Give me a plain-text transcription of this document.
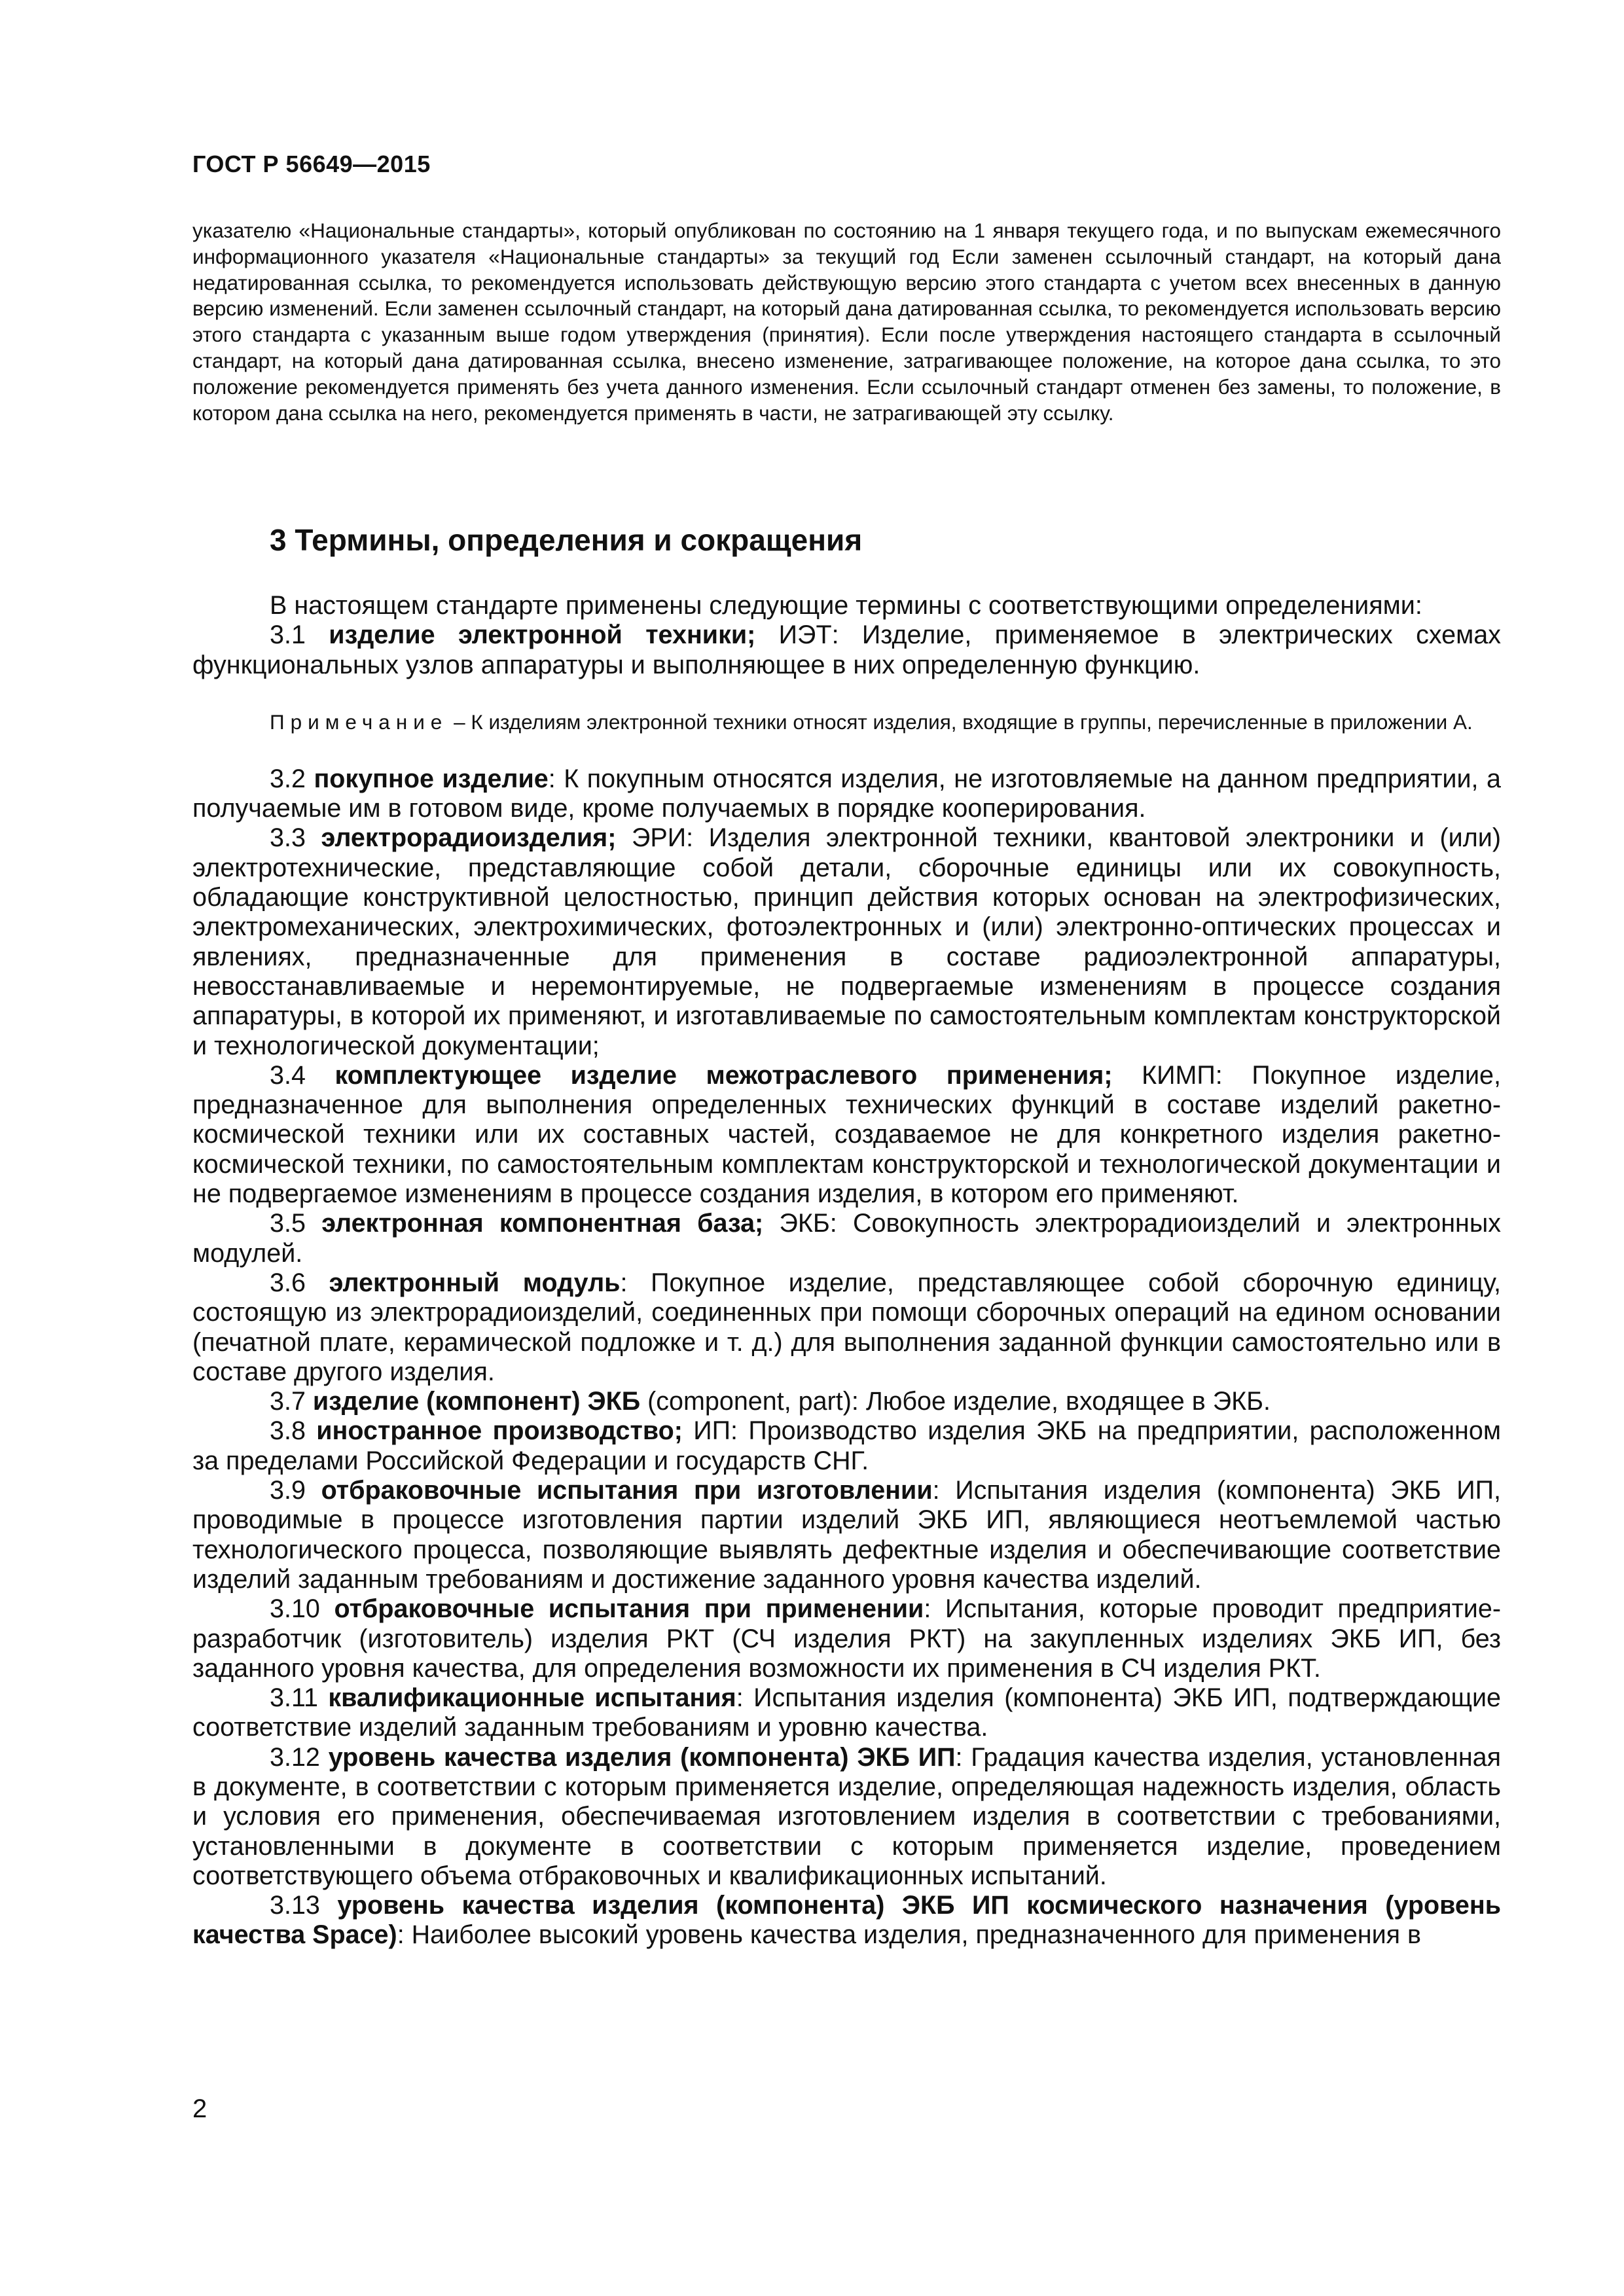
ГОСТ Р 56649—2015
указателю «Национальные стандарты», который опубликован по состоянию на 1 января текущего года, и по выпускам ежемесячного информационного указателя «Национальные стандарты» за текущий год Если заменен ссылочный стандарт, на который дана недатированная ссылка, то рекомендуется использовать действующую версию этого стандарта с учетом всех внесенных в данную версию изменений. Если заменен ссылочный стандарт, на который дана датированная ссылка, то рекомендуется использовать версию этого стандарта с указанным выше годом утверждения (принятия). Если после утверждения настоящего стандарта в ссылочный стандарт, на который дана датированная ссылка, внесено изменение, затрагивающее положение, на которое дана ссылка, то это положение рекомендуется применять без учета данного изменения. Если ссылочный стандарт отменен без замены, то положение, в котором дана ссылка на него, рекомендуется применять в части, не затрагивающей эту ссылку.
3 Термины, определения и сокращения

В настоящем стандарте применены следующие термины с соответствующими определениями:

3.1 изделие электронной техники; ИЭТ: Изделие, применяемое в электрических схемах функциональных узлов аппаратуры и выполняющее в них определенную функцию.

Примечание – К изделиям электронной техники относят изделия, входящие в группы, перечисленные в приложении А.

3.2 покупное изделие: К покупным относятся изделия, не изготовляемые на данном предприятии, а получаемые им в готовом виде, кроме получаемых в порядке кооперирования.

3.3 электрорадиоизделия; ЭРИ: Изделия электронной техники, квантовой электроники и (или) электротехнические, представляющие собой детали, сборочные единицы или их совокупность, обладающие конструктивной целостностью, принцип действия которых основан на электрофизических, электромеханических, электрохимических, фотоэлектронных и (или) электронно-оптических процессах и явлениях, предназначенные для применения в составе радиоэлектронной аппаратуры, невосстанавливаемые и неремонтируемые, не подвергаемые изменениям в процессе создания аппаратуры, в которой их применяют, и изготавливаемые по самостоятельным комплектам конструкторской и технологической документации;

3.4 комплектующее изделие межотраслевого применения; КИМП: Покупное изделие, предназначенное для выполнения определенных технических функций в составе изделий ракетно-космической техники или их составных частей, создаваемое не для конкретного изделия ракетно-космической техники, по самостоятельным комплектам конструкторской и технологической документации и не подвергаемое изменениям в процессе создания изделия, в котором его применяют.

3.5 электронная компонентная база; ЭКБ: Совокупность электрорадиоизделий и электронных модулей.

3.6 электронный модуль: Покупное изделие, представляющее собой сборочную единицу, состоящую из электрорадиоизделий, соединенных при помощи сборочных операций на едином основании (печатной плате, керамической подложке и т. д.) для выполнения заданной функции самостоятельно или в составе другого изделия.

3.7 изделие (компонент) ЭКБ (component, part): Любое изделие, входящее в ЭКБ.

3.8 иностранное производство; ИП: Производство изделия ЭКБ на предприятии, расположенном за пределами Российской Федерации и государств СНГ.

3.9 отбраковочные испытания при изготовлении: Испытания изделия (компонента) ЭКБ ИП, проводимые в процессе изготовления партии изделий ЭКБ ИП, являющиеся неотъемлемой частью технологического процесса, позволяющие выявлять дефектные изделия и обеспечивающие соответствие изделий заданным требованиям и достижение заданного уровня качества изделий.

3.10 отбраковочные испытания при применении: Испытания, которые проводит предприятие-разработчик (изготовитель) изделия РКТ (СЧ изделия РКТ) на закупленных изделиях ЭКБ ИП, без заданного уровня качества, для определения возможности их применения в СЧ изделия РКТ.

3.11 квалификационные испытания: Испытания изделия (компонента) ЭКБ ИП, подтверждающие соответствие изделий заданным требованиям и уровню качества.

3.12 уровень качества изделия (компонента) ЭКБ ИП: Градация качества изделия, установленная в документе, в соответствии с которым применяется изделие, определяющая надежность изделия, область и условия его применения, обеспечиваемая изготовлением изделия в соответствии с требованиями, установленными в документе в соответствии с которым применяется изделие, проведением соответствующего объема отбраковочных и квалификационных испытаний.

3.13 уровень качества изделия (компонента) ЭКБ ИП космического назначения (уровень качества Space): Наиболее высокий уровень качества изделия, предназначенного для применения в

2
